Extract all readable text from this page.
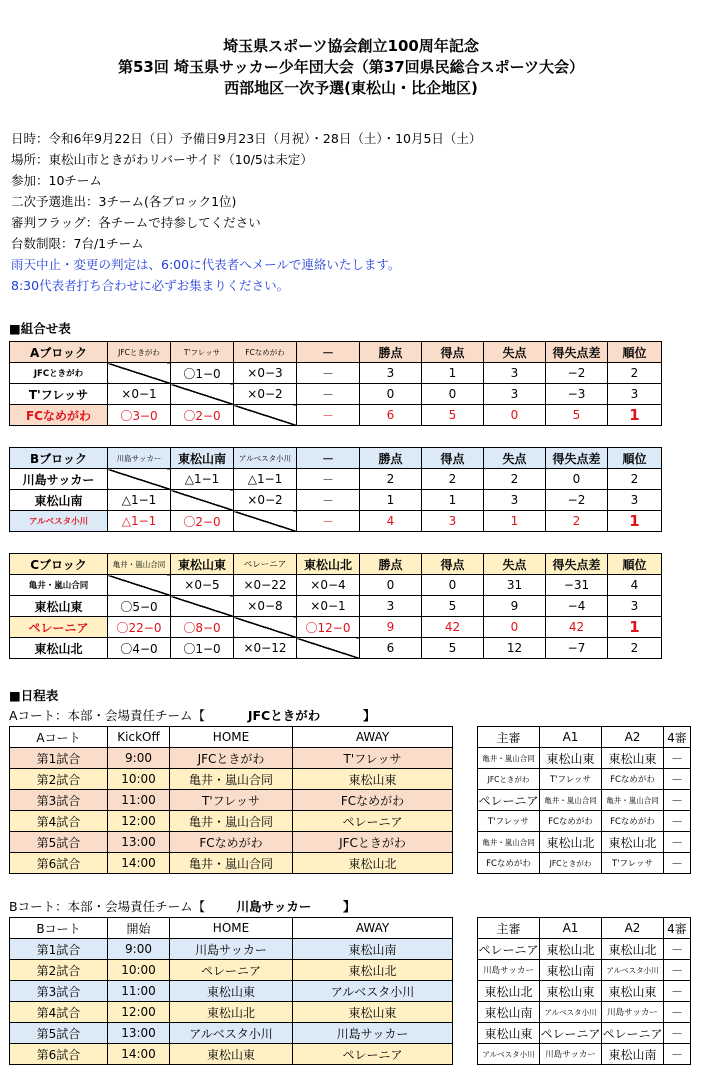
埼玉県スポーツ協会創立100周年記念
第53回 埼玉県サッカー少年団大会（第37回県民総合スポーツ大会）
西部地区一次予選(東松山・比企地区)
日時：令和6年9月22日（日）予備日9月23日（月祝）・28日（土）・10月5日（土）
場所：東松山市ときがわリバーサイド（10/5は未定）
参加：10チーム
二次予選進出：3チーム(各ブロック1位)
審判フラッグ：各チームで持参してください
台数制限：7台/1チーム
雨天中止・変更の判定は、6:00に代表者へメールで連絡いたします。
8:30代表者打ち合わせに必ずお集まりください。
■組合せ表
Aブロック	JFCときがわ	T'フレッサ	FCなめがわ	－	勝点	得点	失点	得失点差	順位
JFCときがわ		〇1−0	×0−3	－	3	1	3	−2	2
T'フレッサ	×0−1		×0−2	－	0	0	3	−3	3
FCなめがわ	〇3−0	〇2−0		－	6	5	0	5	1
Bブロック	川島サッカー	東松山南	アルベスタ小川	－	勝点	得点	失点	得失点差	順位
川島サッカー		△1−1	△1−1	－	2	2	2	0	2
東松山南	△1−1		×0−2	－	1	1	3	−2	3
アルベスタ小川	△1−1	〇2−0		－	4	3	1	2	1
Cブロック	亀井・嵐山合同	東松山東	ペレーニア	東松山北	勝点	得点	失点	得失点差	順位
亀井・嵐山合同		×0−5	×0−22	×0−4	0	0	31	−31	4
東松山東	〇5−0		×0−8	×0−1	3	5	9	−4	3
ペレーニア	〇22−0	〇8−0		〇12−0	9	42	0	42	1
東松山北	〇4−0	〇1−0	×0−12		6	5	12	−7	2
■日程表
Aコート：本部・会場責任チーム【	JFCときがわ	】
Aコート	KickOff	HOME	AWAY
第1試合	9:00	JFCときがわ	T'フレッサ
第2試合	10:00	亀井・嵐山合同	東松山東
第3試合	11:00	T'フレッサ	FCなめがわ
第4試合	12:00	亀井・嵐山合同	ペレーニア
第5試合	13:00	FCなめがわ	JFCときがわ
第6試合	14:00	亀井・嵐山合同	東松山北
主審	A1	A2	4審
亀井・嵐山合同	東松山東	東松山東	－
JFCときがわ	T'フレッサ	FCなめがわ	－
ペレーニア	亀井・嵐山合同	亀井・嵐山合同	－
T'フレッサ	FCなめがわ	FCなめがわ	－
亀井・嵐山合同	東松山北	東松山北	－
FCなめがわ	JFCときがわ	T'フレッサ	－
Bコート：本部・会場責任チーム【	川島サッカー	】
Bコート	開始	HOME	AWAY
第1試合	9:00	川島サッカー	東松山南
第2試合	10:00	ペレーニア	東松山北
第3試合	11:00	東松山東	アルベスタ小川
第4試合	12:00	東松山北	東松山東
第5試合	13:00	アルベスタ小川	川島サッカー
第6試合	14:00	東松山東	ペレーニア
主審	A1	A2	4審
ペレーニア	東松山北	東松山北	－
川島サッカー	東松山南	アルベスタ小川	－
東松山北	東松山東	東松山東	－
東松山南	アルベスタ小川	川島サッカー	－
東松山東	ペレーニア	ペレーニア	－
アルベスタ小川	川島サッカー	東松山南	－
